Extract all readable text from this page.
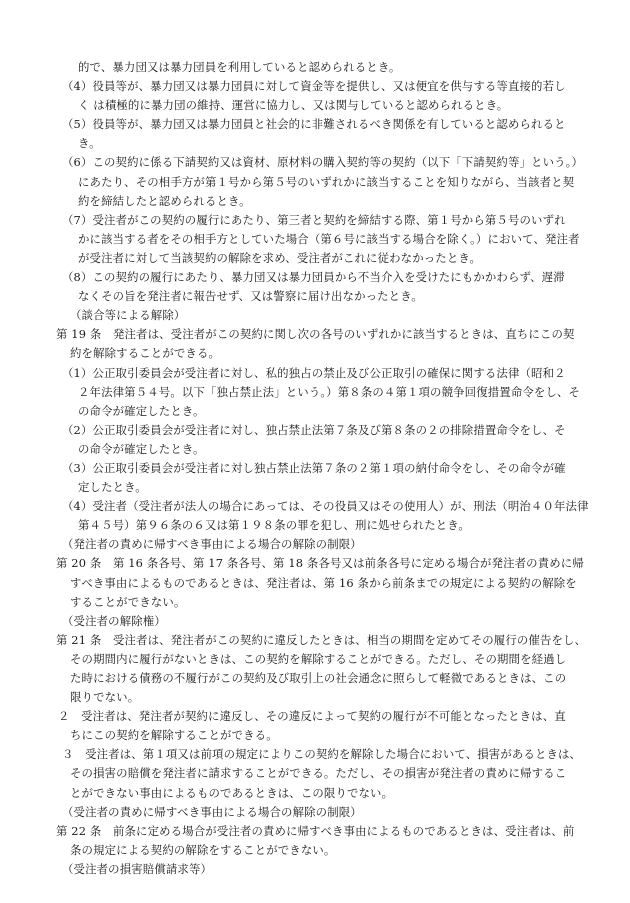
的で、暴力団又は暴力団員を利用していると認められるとき。
（4）役員等が、暴力団又は暴力団員に対して資金等を提供し、又は便宜を供与する等直接的若し
く は積極的に暴力団の維持、運営に協力し、又は関与していると認められるとき。
（5）役員等が、暴力団又は暴力団員と社会的に非難されるべき関係を有していると認められると
き。
（6）この契約に係る下請契約又は資材、原材料の購入契約等の契約（以下「下請契約等」という。）
にあたり、その相手方が第１号から第５号のいずれかに該当することを知りながら、当該者と契
約を締結したと認められるとき。
（7）受注者がこの契約の履行にあたり、第三者と契約を締結する際、第１号から第５号のいずれ
かに該当する者をその相手方としていた場合（第６号に該当する場合を除く。）において、発注者
が受注者に対して当該契約の解除を求め、受注者がこれに従わなかったとき。
（8）この契約の履行にあたり、暴力団又は暴力団員から不当介入を受けたにもかかわらず、遅滞
なくその旨を発注者に報告せず、又は警察に届け出なかったとき。
（談合等による解除）
第 19 条　発注者は、受注者がこの契約に関し次の各号のいずれかに該当するときは、直ちにこの契
約を解除することができる。
（1）公正取引委員会が受注者に対し、私的独占の禁止及び公正取引の確保に関する法律（昭和２
２年法律第５４号。以下「独占禁止法」という。）第８条の４第１項の競争回復措置命令をし、そ
の命令が確定したとき。
（2）公正取引委員会が受注者に対し、独占禁止法第７条及び第８条の２の排除措置命令をし、そ
の命令が確定したとき。
（3）公正取引委員会が受注者に対し独占禁止法第７条の２第１項の納付命令をし、その命令が確
定したとき。
（4）受注者（受注者が法人の場合にあっては、その役員又はその使用人）が、刑法（明治４０年法律
第４５号）第９６条の６又は第１９８条の罪を犯し、刑に処せられたとき。
（発注者の責めに帰すべき事由による場合の解除の制限）
第 20 条　第 16 条各号、第 17 条各号、第 18 条各号又は前条各号に定める場合が発注者の責めに帰
すべき事由によるものであるときは、発注者は、第 16 条から前条までの規定による契約の解除を
することができない。
（受注者の解除権）
第 21 条　受注者は、発注者がこの契約に違反したときは、相当の期間を定めてその履行の催告をし、
その期間内に履行がないときは、この契約を解除することができる。ただし、その期間を経過し
た時における債務の不履行がこの契約及び取引上の社会通念に照らして軽微であるときは、この
限りでない。
２　受注者は、発注者が契約に違反し、その違反によって契約の履行が不可能となったときは、直
ちにこの契約を解除することができる。
３　受注者は、第１項又は前項の規定によりこの契約を解除した場合において、損害があるときは、
その損害の賠償を発注者に請求することができる。ただし、その損害が発注者の責めに帰するこ
とができない事由によるものであるときは、この限りでない。
（受注者の責めに帰すべき事由による場合の解除の制限）
第 22 条　前条に定める場合が受注者の責めに帰すべき事由によるものであるときは、受注者は、前
条の規定による契約の解除をすることができない。
（受注者の損害賠償請求等）
